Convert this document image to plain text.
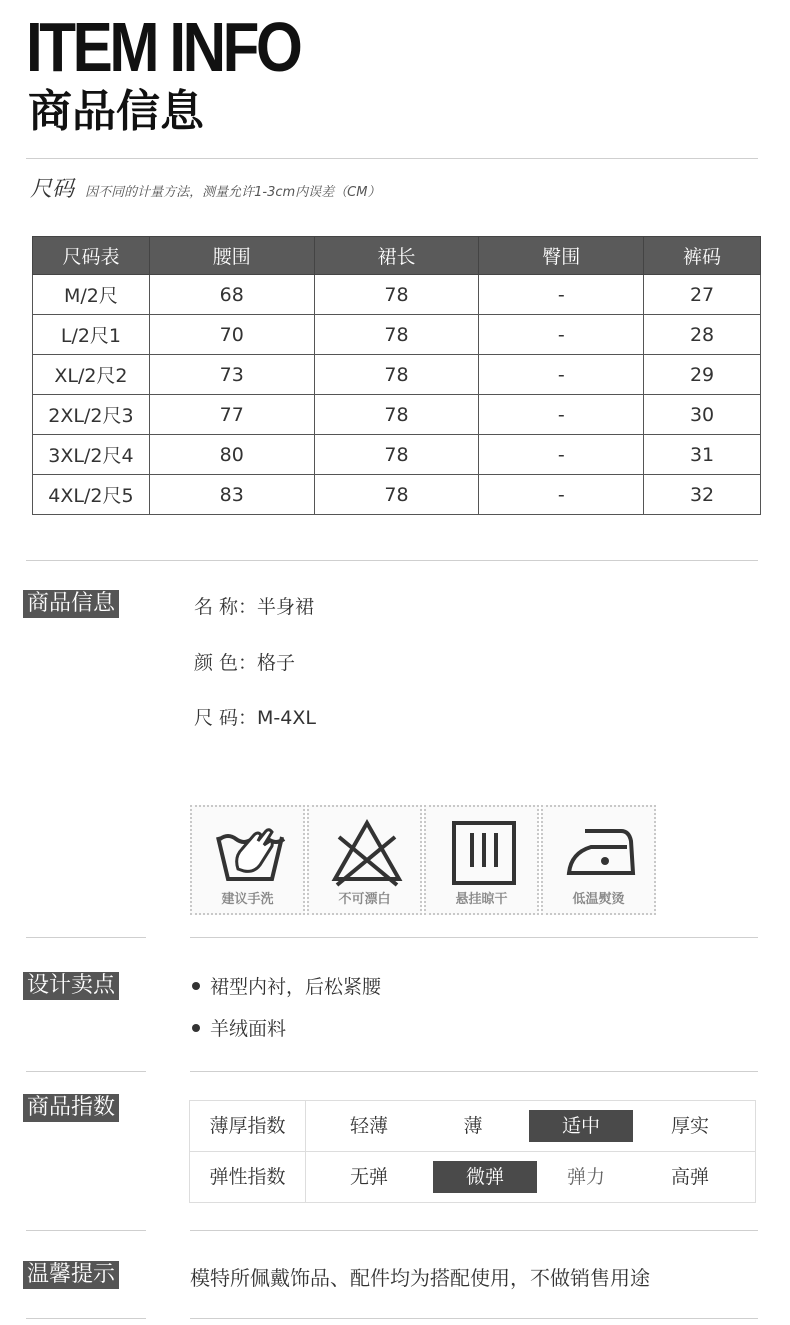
ITEM INFO
商品信息
尺码 因不同的计量方法，测量允许1-3cm内误差（CM）
尺码表	腰围	裙长	臀围	裤码
M/2尺	68	78	-	27
L/2尺1	70	78	-	28
XL/2尺2	73	78	-	29
2XL/2尺3	77	78	-	30
3XL/2尺4	80	78	-	31
4XL/2尺5	83	78	-	32
商品信息	名 称：半身裙
颜 色：格子
尺 码：M-4XL
建议手洗	不可漂白	悬挂晾干	低温熨烫
设计卖点	裙型内衬，后松紧腰
羊绒面料
商品指数
薄厚指数	轻薄	薄	适中	厚实
弹性指数	无弹	微弹	弹力	高弹
温馨提示	模特所佩戴饰品、配件均为搭配使用，不做销售用途
